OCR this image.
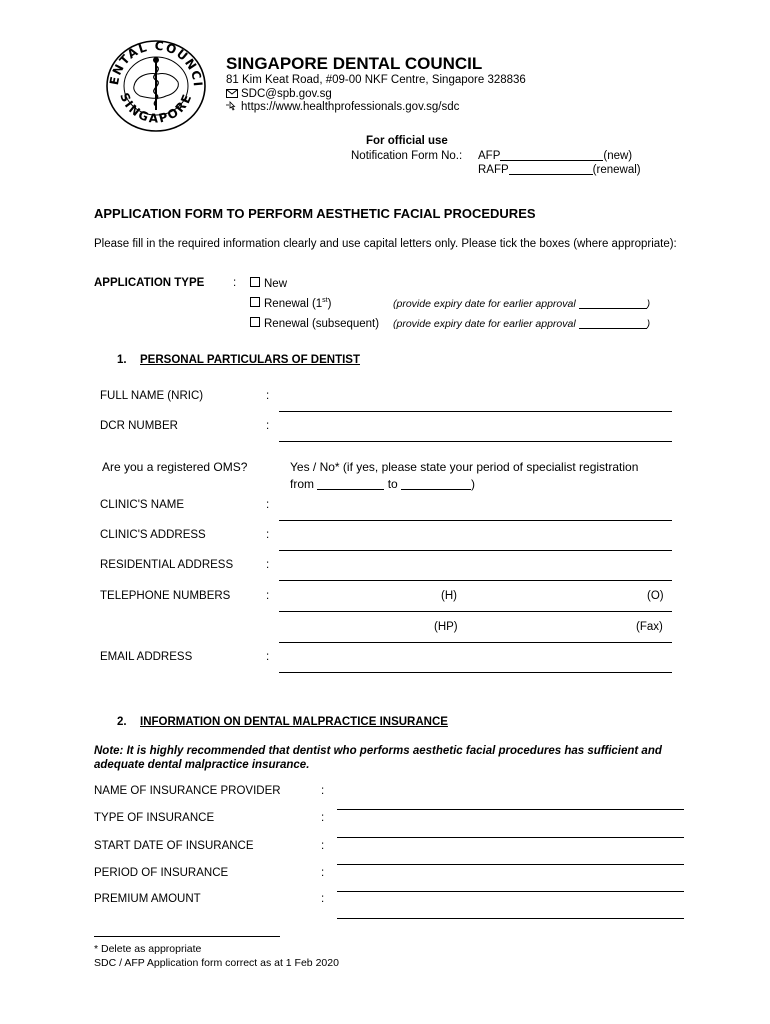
ENTAL COUNCI
SINGAPORE
SINGAPORE DENTAL COUNCIL
81 Kim Keat Road, #09-00 NKF Centre, Singapore 328836
SDC@spb.gov.sg
https://www.healthprofessionals.gov.sg/sdc
For official use
Notification Form No.: AFP	(new)
RAFP	(renewal)
APPLICATION FORM TO PERFORM AESTHETIC FACIAL PROCEDURES
Please fill in the required information clearly and use capital letters only. Please tick the boxes (where appropriate):
APPLICATION TYPE :	New
Renewal (1st)	(provide expiry date for earlier approval	)
Renewal (subsequent) (provide expiry date for earlier approval	)
1. PERSONAL PARTICULARS OF DENTIST
FULL NAME (NRIC)	:
DCR NUMBER	:
Are you a registered OMS?	Yes / No* (if yes, please state your period of specialist registration
from	to	)
CLINIC'S NAME	:
CLINIC'S ADDRESS	:
RESIDENTIAL ADDRESS	:
TELEPHONE NUMBERS	:	(H)	(O)
(HP)	(Fax)
EMAIL ADDRESS	:
2. INFORMATION ON DENTAL MALPRACTICE INSURANCE
Note: It is highly recommended that dentist who performs aesthetic facial procedures has sufficient and adequate dental malpractice insurance.
NAME OF INSURANCE PROVIDER	:
TYPE OF INSURANCE	:
START DATE OF INSURANCE	:
PERIOD OF INSURANCE	:
PREMIUM AMOUNT	:
* Delete as appropriate
SDC / AFP Application form correct as at 1 Feb 2020
